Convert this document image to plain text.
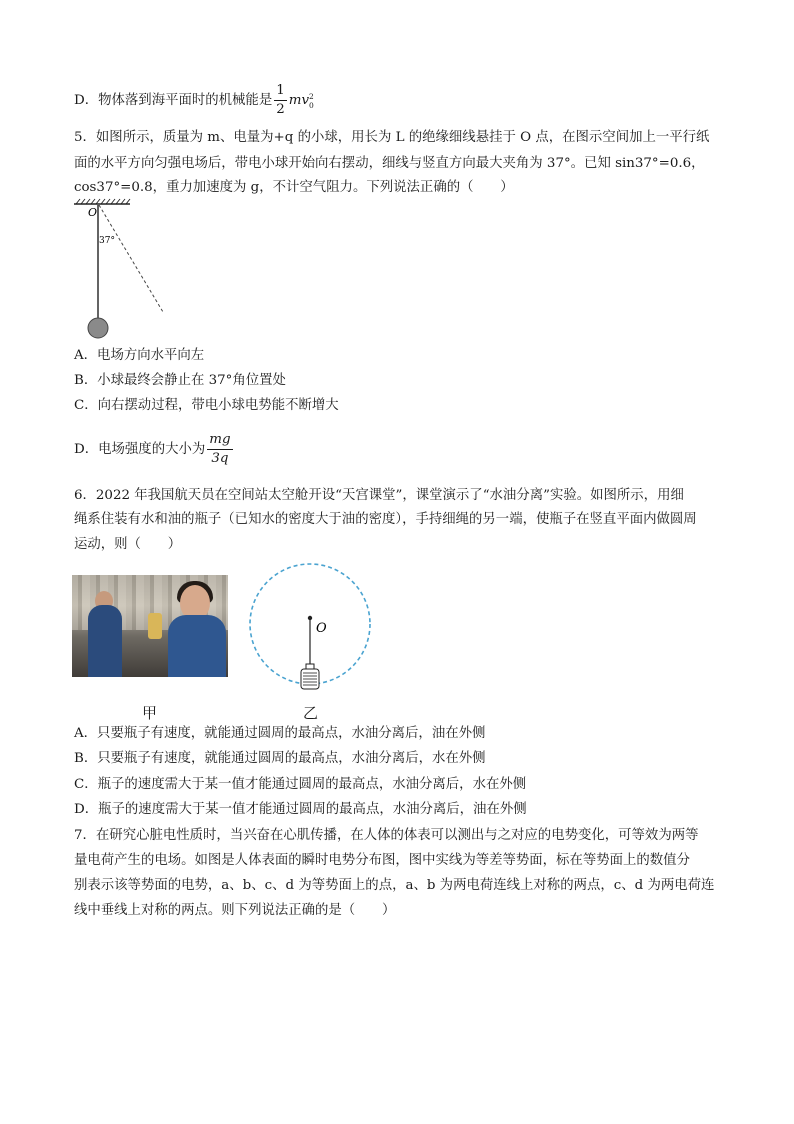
D．物体落到海平面时的机械能是 $\frac{1}{2}$ mv 2
0
5．如图所示，质量为 m、电量为+q 的小球，用长为 L 的绝缘细线悬挂于 O 点，在图示空间加上一平行纸
面的水平方向匀强电场后，带电小球开始向右摆动，细线与竖直方向最大夹角为 37°。已知 sin37°=0.6，
cos37°=0.8，重力加速度为 g，不计空气阻力。下列说法正确的（　　）
O
37°
A．电场方向水平向左
B．小球最终会静止在 37°角位置处
C．向右摆动过程，带电小球电势能不断增大
D．电场强度的大小为 $\frac{mg}{3q}$
6．2022 年我国航天员在空间站太空舱开设“天宫课堂”，课堂演示了“水油分离”实验。如图所示，用细
绳系住装有水和油的瓶子（已知水的密度大于油的密度），手持细绳的另一端，使瓶子在竖直平面内做圆周
运动，则（　　）
甲
O
乙
A．只要瓶子有速度，就能通过圆周的最高点，水油分离后，油在外侧
B．只要瓶子有速度，就能通过圆周的最高点，水油分离后，水在外侧
C．瓶子的速度需大于某一值才能通过圆周的最高点，水油分离后，水在外侧
D．瓶子的速度需大于某一值才能通过圆周的最高点，水油分离后，油在外侧
7．在研究心脏电性质时，当兴奋在心肌传播，在人体的体表可以测出与之对应的电势变化，可等效为两等
量电荷产生的电场。如图是人体表面的瞬时电势分布图，图中实线为等差等势面，标在等势面上的数值分
别表示该等势面的电势，a、b、c、d 为等势面上的点，a、b 为两电荷连线上对称的两点，c、d 为两电荷连
线中垂线上对称的两点。则下列说法正确的是（　　）
